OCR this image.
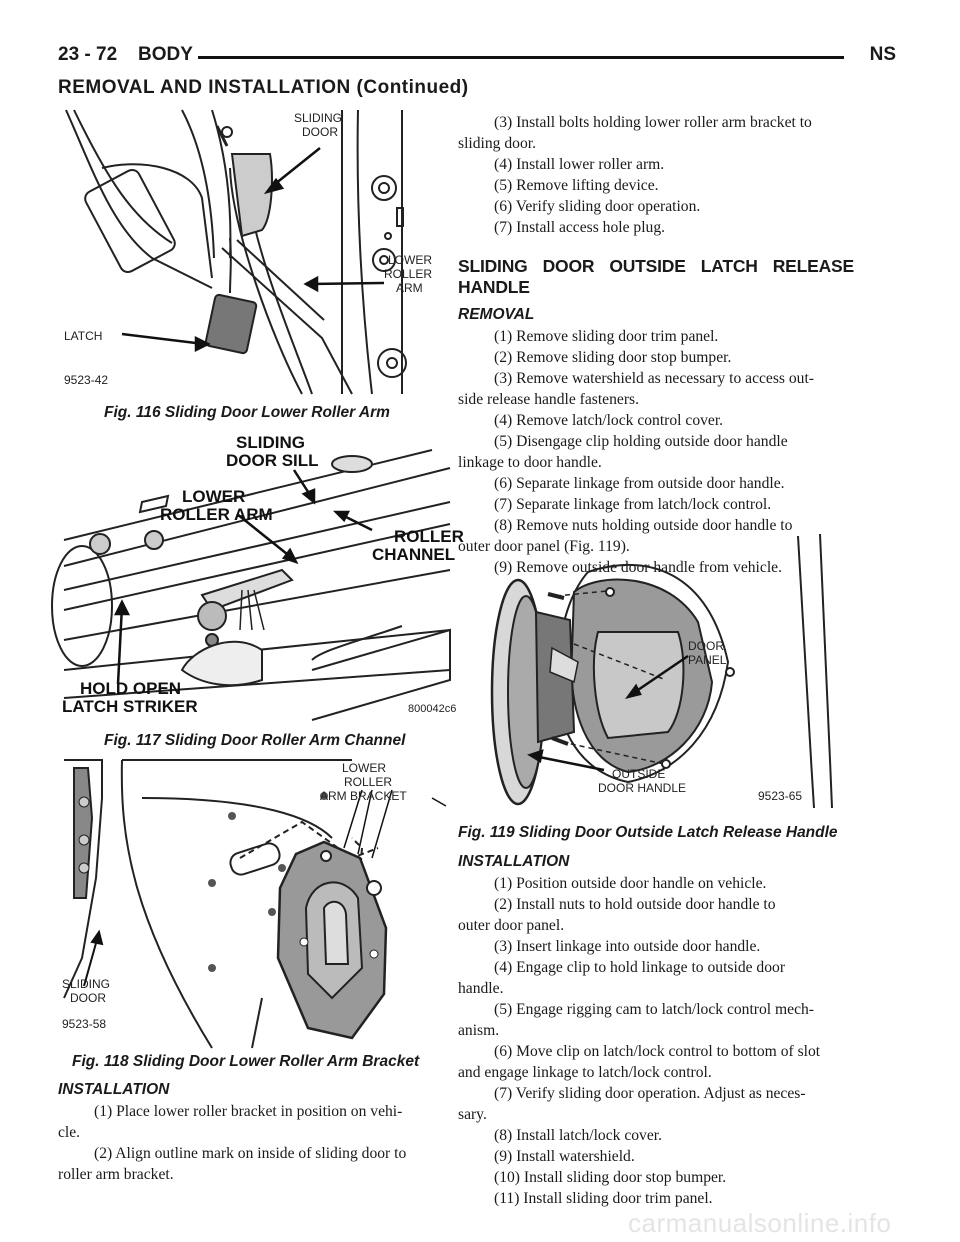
23 - 72 BODY	NS
REMOVAL AND INSTALLATION (Continued)
SLIDING DOOR
LOWER ROLLER ARM
LATCH
9523-42
Fig. 116 Sliding Door Lower Roller Arm
SLIDING DOOR SILL
LOWER ROLLER ARM
ROLLER CHANNEL
HOLD OPEN LATCH STRIKER	800042c6
Fig. 117 Sliding Door Roller Arm Channel
LOWER ROLLER ARM BRACKET
SLIDING DOOR
9523-58
Fig. 118 Sliding Door Lower Roller Arm Bracket

INSTALLATION

(1) Place lower roller bracket in position on vehi-

cle.

(2) Align outline mark on inside of sliding door to

roller arm bracket.

(3) Install bolts holding lower roller arm bracket to

sliding door.

(4) Install lower roller arm.

(5) Remove lifting device.

(6) Verify sliding door operation.

(7) Install access hole plug.

SLIDING DOOR OUTSIDE LATCH RELEASE HANDLE

REMOVAL

(1) Remove sliding door trim panel.

(2) Remove sliding door stop bumper.

(3) Remove watershield as necessary to access out-

side release handle fasteners.

(4) Remove latch/lock control cover.

(5) Disengage clip holding outside door handle

linkage to door handle.

(6) Separate linkage from outside door handle.

(7) Separate linkage from latch/lock control.

(8) Remove nuts holding outside door handle to

outer door panel (Fig. 119).

(9) Remove outside door handle from vehicle.

DOOR PANEL
OUTSIDE DOOR HANDLE
9523-65
Fig. 119 Sliding Door Outside Latch Release Handle

INSTALLATION

(1) Position outside door handle on vehicle.

(2) Install nuts to hold outside door handle to

outer door panel.

(3) Insert linkage into outside door handle.

(4) Engage clip to hold linkage to outside door

handle.

(5) Engage rigging cam to latch/lock control mech-

anism.

(6) Move clip on latch/lock control to bottom of slot

and engage linkage to latch/lock control.

(7) Verify sliding door operation. Adjust as neces-

sary.

(8) Install latch/lock cover.

(9) Install watershield.

(10) Install sliding door stop bumper.

(11) Install sliding door trim panel.

carmanualsonline.info
